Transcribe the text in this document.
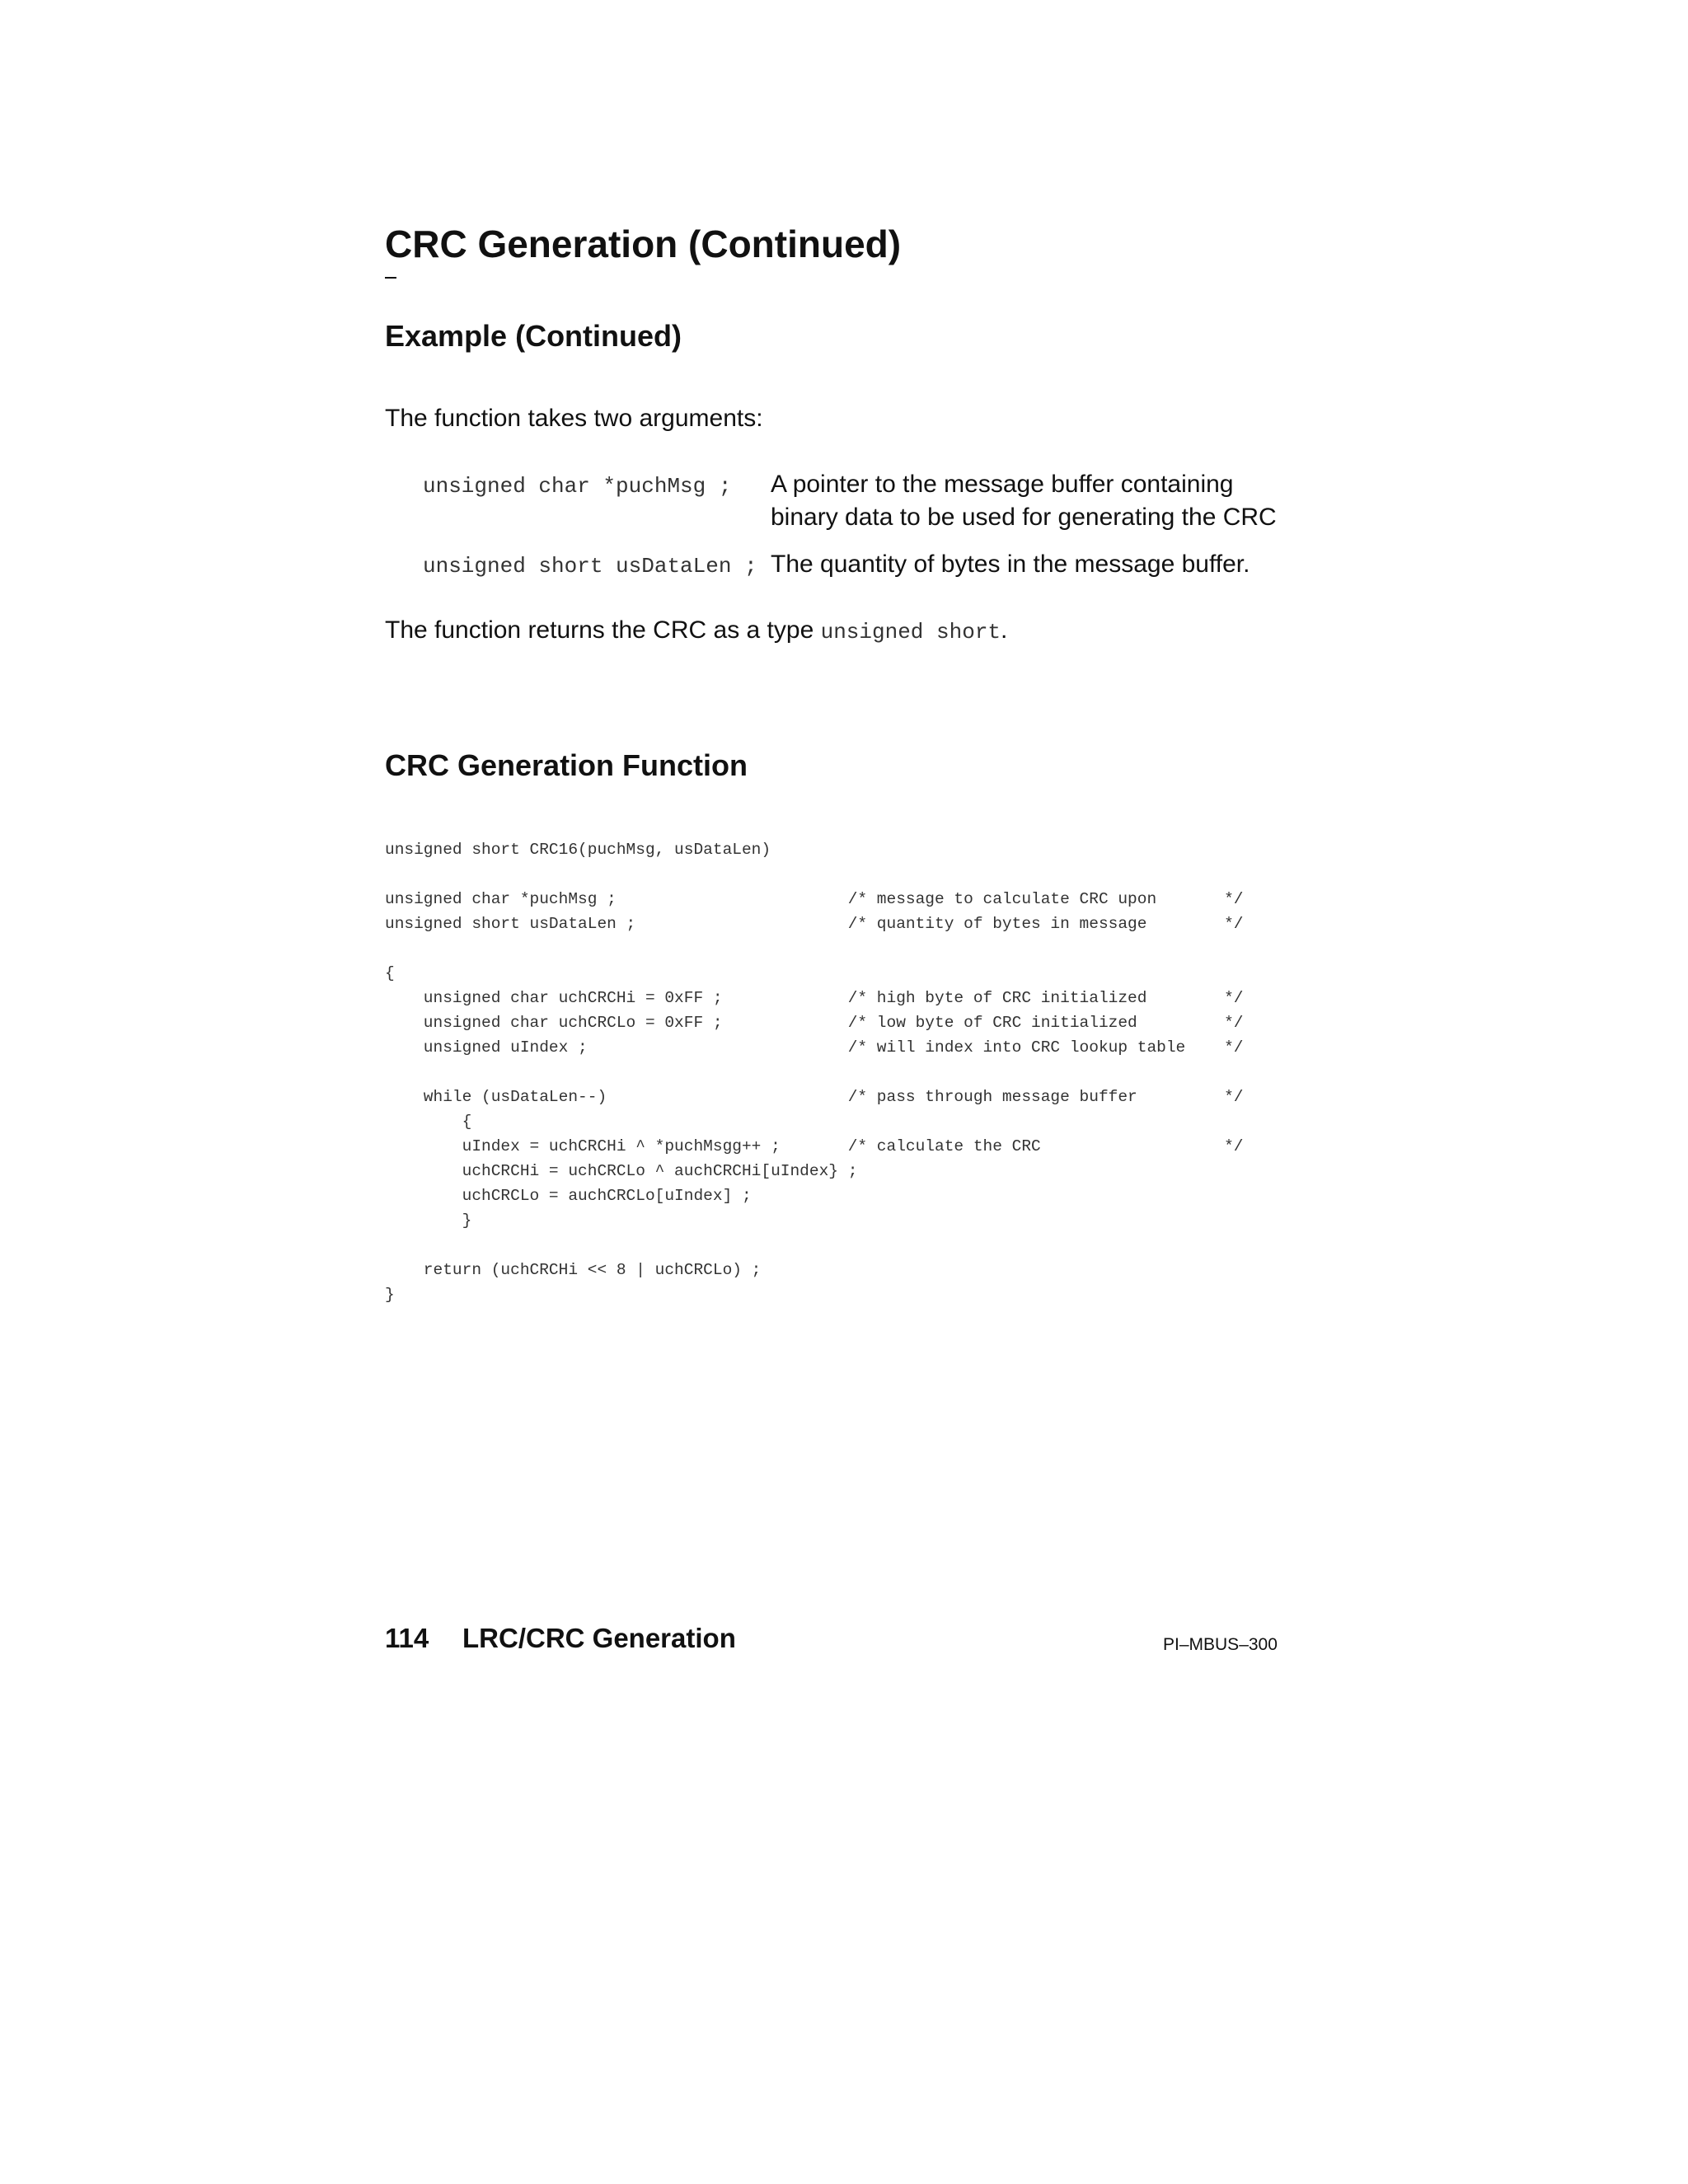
CRC Generation (Continued)
Example (Continued)
The function takes two arguments:
unsigned char *puchMsg ; A pointer to the message buffer containing binary data to be used for generating the CRC
unsigned short usDataLen ; The quantity of bytes in the message buffer.
The function returns the CRC as a type unsigned short.
CRC Generation Function
unsigned short CRC16(puchMsg, usDataLen)
unsigned char *puchMsg ;                        /* message to calculate CRC upon       */
unsigned short usDataLen ;                      /* quantity of bytes in message        */
{
unsigned char uchCRCHi = 0xFF ;             /* high byte of CRC initialized        */
unsigned char uchCRCLo = 0xFF ;             /* low byte of CRC initialized         */
unsigned uIndex ;                           /* will index into CRC lookup table    */
while (usDataLen--)                         /* pass through message buffer         */
{
uIndex = uchCRCHi ^ *puchMsgg++ ;       /* calculate the CRC                   */
uchCRCHi = uchCRCLo ^ auchCRCHi[uIndex} ;
uchCRCLo = auchCRCLo[uIndex] ;
}
return (uchCRCHi << 8 | uchCRCLo) ;
}
114 LRC/CRC Generation	PI–MBUS–300
